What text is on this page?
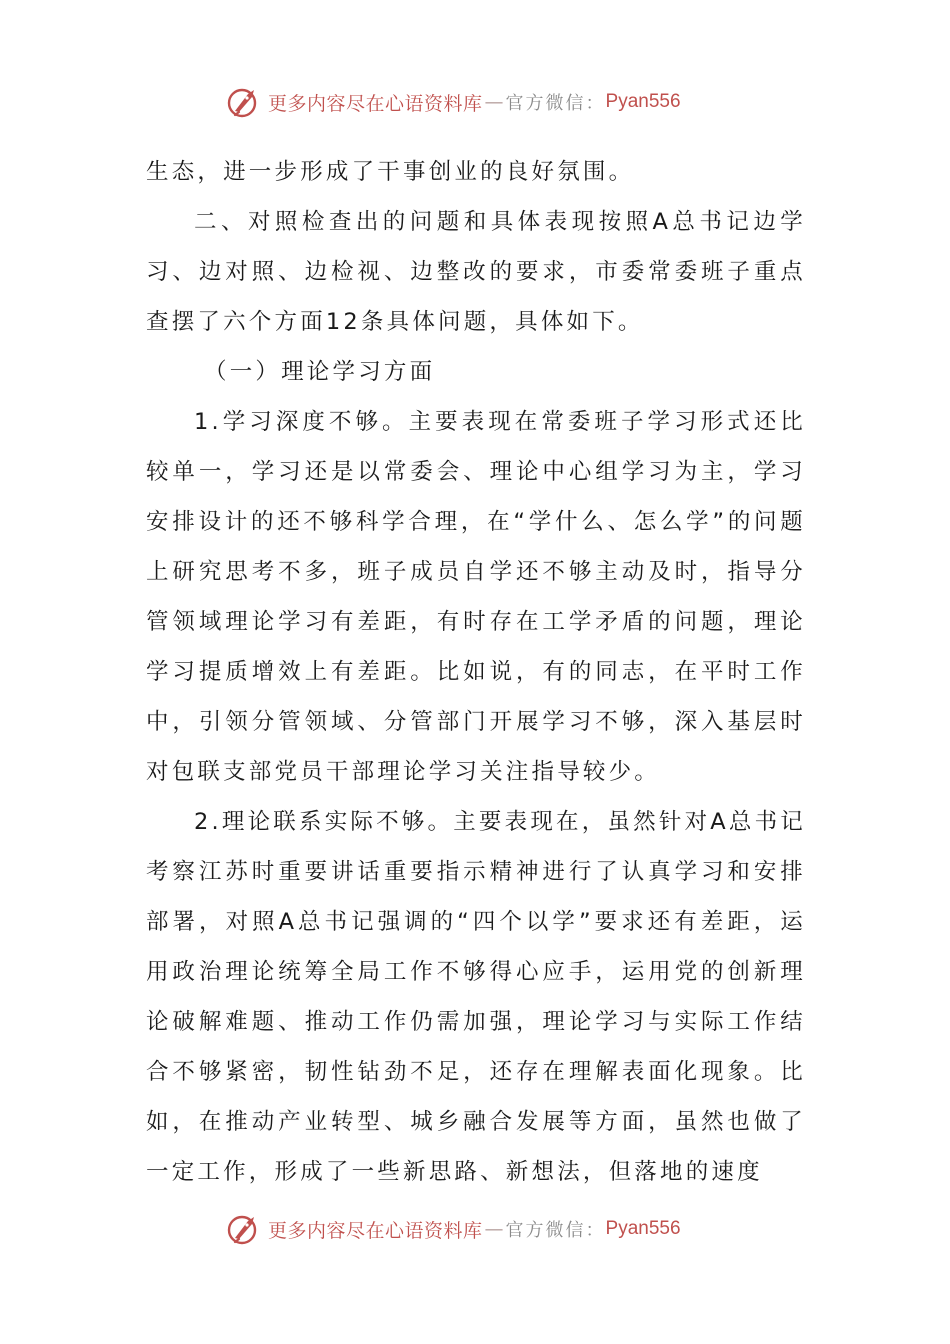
更多内容尽在心语资料库 — 官方微信： Pyan556

生态，进一步形成了干事创业的良好氛围。

二、对照检查出的问题和具体表现按照A总书记边学习、边对照、边检视、边整改的要求，市委常委班子重点查摆了六个方面12条具体问题，具体如下。

（一）理论学习方面

1.学习深度不够。主要表现在常委班子学习形式还比较单一，学习还是以常委会、理论中心组学习为主，学习安排设计的还不够科学合理，在“学什么、怎么学”的问题上研究思考不多，班子成员自学还不够主动及时，指导分管领域理论学习有差距，有时存在工学矛盾的问题，理论学习提质增效上有差距。比如说，有的同志，在平时工作中，引领分管领域、分管部门开展学习不够，深入基层时对包联支部党员干部理论学习关注指导较少。

2.理论联系实际不够。主要表现在，虽然针对A总书记考察江苏时重要讲话重要指示精神进行了认真学习和安排部署，对照A总书记强调的“四个以学”要求还有差距，运用政治理论统筹全局工作不够得心应手，运用党的创新理论破解难题、推动工作仍需加强，理论学习与实际工作结合不够紧密，韧性钻劲不足，还存在理解表面化现象。比如，在推动产业转型、城乡融合发展等方面，虽然也做了一定工作，形成了一些新思路、新想法，但落地的速度

更多内容尽在心语资料库 — 官方微信： Pyan556
